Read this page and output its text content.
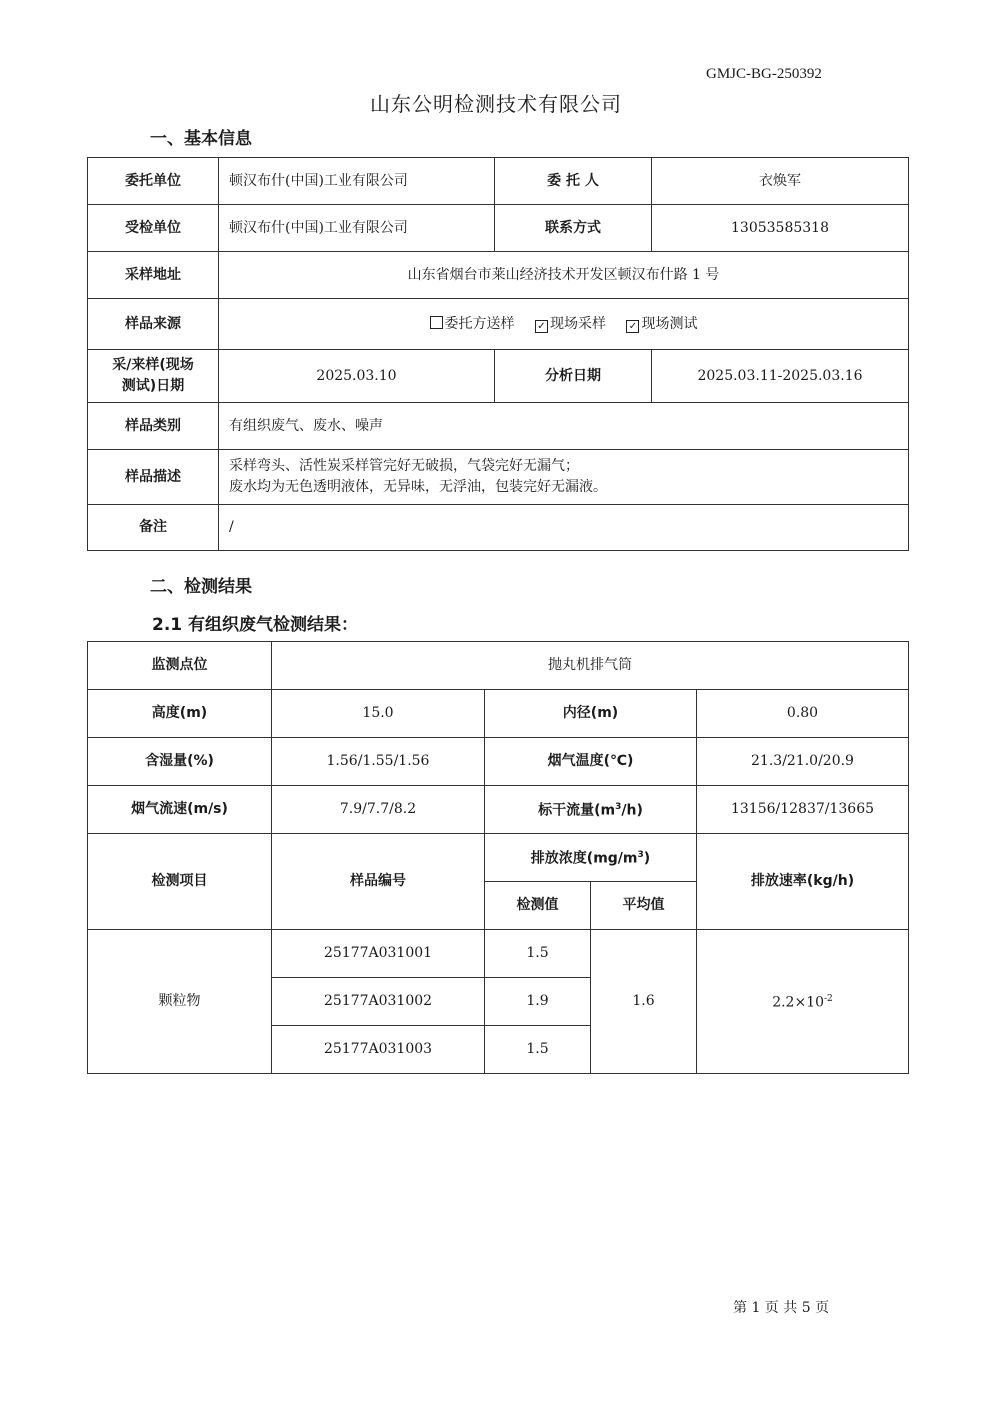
GMJC-BG-250392
山东公明检测技术有限公司
一、基本信息
委托单位	顿汉布什(中国)工业有限公司	委 托 人	衣焕军
受检单位	顿汉布什(中国)工业有限公司	联系方式	13053585318
采样地址	山东省烟台市莱山经济技术开发区顿汉布什路 1 号		
样品来源	委托方送样 ✓ 现场采样 ✓ 现场测试		
采/来样(现场
测试)日期	2025.03.10	分析日期	2025.03.11-2025.03.16
样品类别	有组织废气、废水、噪声		
样品描述	采样弯头、活性炭采样管完好无破损，气袋完好无漏气；
废水均为无色透明液体，无异味，无浮油，包装完好无漏液。		
备注	/		
二、检测结果
2.1 有组织废气检测结果：
监测点位	抛丸机排气筒			
高度(m)	15.0	内径(m)		0.80
含湿量(%)	1.56/1.55/1.56	烟气温度(℃)		21.3/21.0/20.9
烟气流速(m/s)	7.9/7.7/8.2	标干流量$(m^3/h)$		13156/12837/13665
检测项目	样品编号	排放浓度$(mg/m^3)$		排放速率(kg/h)
		检测值	平均值	
颗粒物	25177A031001	1.5	1.6	$2.2\times 10^{-2}$
	25177A031002	1.9		
	25177A031003	1.5		
第 1 页 共 5 页
